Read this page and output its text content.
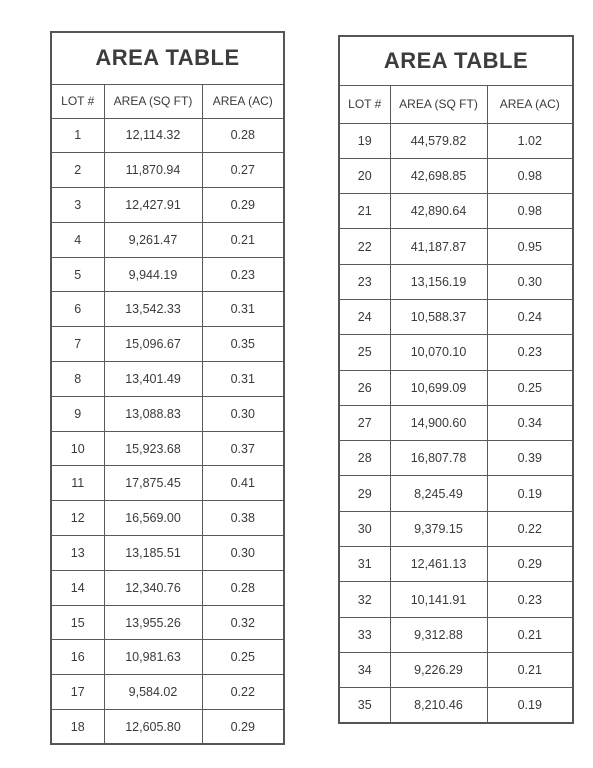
AREA TABLE		
LOT #	AREA (SQ FT)	AREA (AC)
1	12,114.32	0.28
2	11,870.94	0.27
3	12,427.91	0.29
4	9,261.47	0.21
5	9,944.19	0.23
6	13,542.33	0.31
7	15,096.67	0.35
8	13,401.49	0.31
9	13,088.83	0.30
10	15,923.68	0.37
11	17,875.45	0.41
12	16,569.00	0.38
13	13,185.51	0.30
14	12,340.76	0.28
15	13,955.26	0.32
16	10,981.63	0.25
17	9,584.02	0.22
18	12,605.80	0.29
AREA TABLE		
LOT #	AREA (SQ FT)	AREA (AC)
19	44,579.82	1.02
20	42,698.85	0.98
21	42,890.64	0.98
22	41,187.87	0.95
23	13,156.19	0.30
24	10,588.37	0.24
25	10,070.10	0.23
26	10,699.09	0.25
27	14,900.60	0.34
28	16,807.78	0.39
29	8,245.49	0.19
30	9,379.15	0.22
31	12,461.13	0.29
32	10,141.91	0.23
33	9,312.88	0.21
34	9,226.29	0.21
35	8,210.46	0.19
